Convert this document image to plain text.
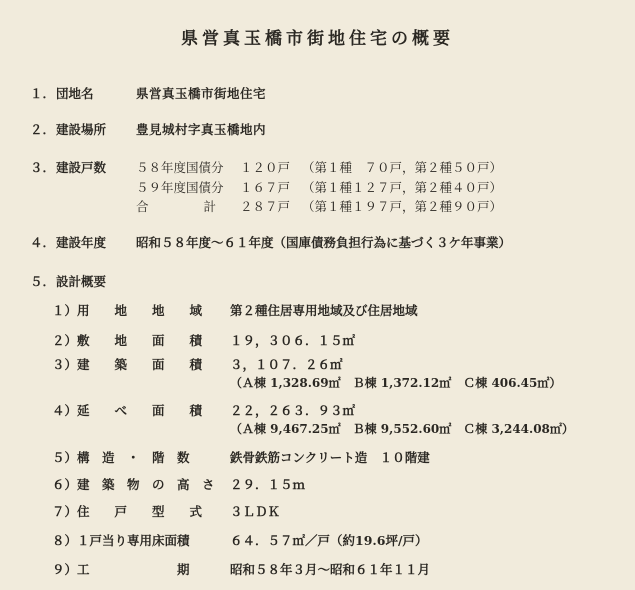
県営真玉橋市街地住宅の概要
１． 団地名	県営真玉橋市街地住宅
２． 建設場所 豊見城村字真玉橋地内
３． 建設戸数 ５８年度国債分 １２０戸 （第１種　７０戸，第２種５０戸）
５９年度国債分 １６７戸 （第１種１２７戸，第２種４０戸）
合　　　　計 ２８７戸 （第１種１９７戸，第２種９０戸）
４． 建設年度 昭和５８年度〜６１年度（国庫債務負担行為に基づく３ケ年事業）
５． 設計概要
１）用　　地　　地　　域 第２種住居専用地域及び住居地域
２）敷　　地　　面　　積 １９，３０６．１５㎡
３）建　　築　　面　　積 ３，１０７．２６㎡
（Ａ棟 1,328.69㎡　Ｂ棟 1,372.12㎡　Ｃ棟 406.45㎡）
４）延　　べ　　面　　積 ２２，２６３．９３㎡
（Ａ棟 9,467.25㎡　Ｂ棟 9,552.60㎡　Ｃ棟 3,244.08㎡）
５）構　造　・　階　数	鉄骨鉄筋コンクリート造　１０階建
６）建　築　物　の　高　さ ２９．１５ｍ
７）住　　戸　　型　　式 ３ＬＤＫ
８）１戸当り専用床面積	６４．５７㎡／戸（約19.6坪/戸）
９）工　　　　　　　期	昭和５８年３月〜昭和６１年１１月
